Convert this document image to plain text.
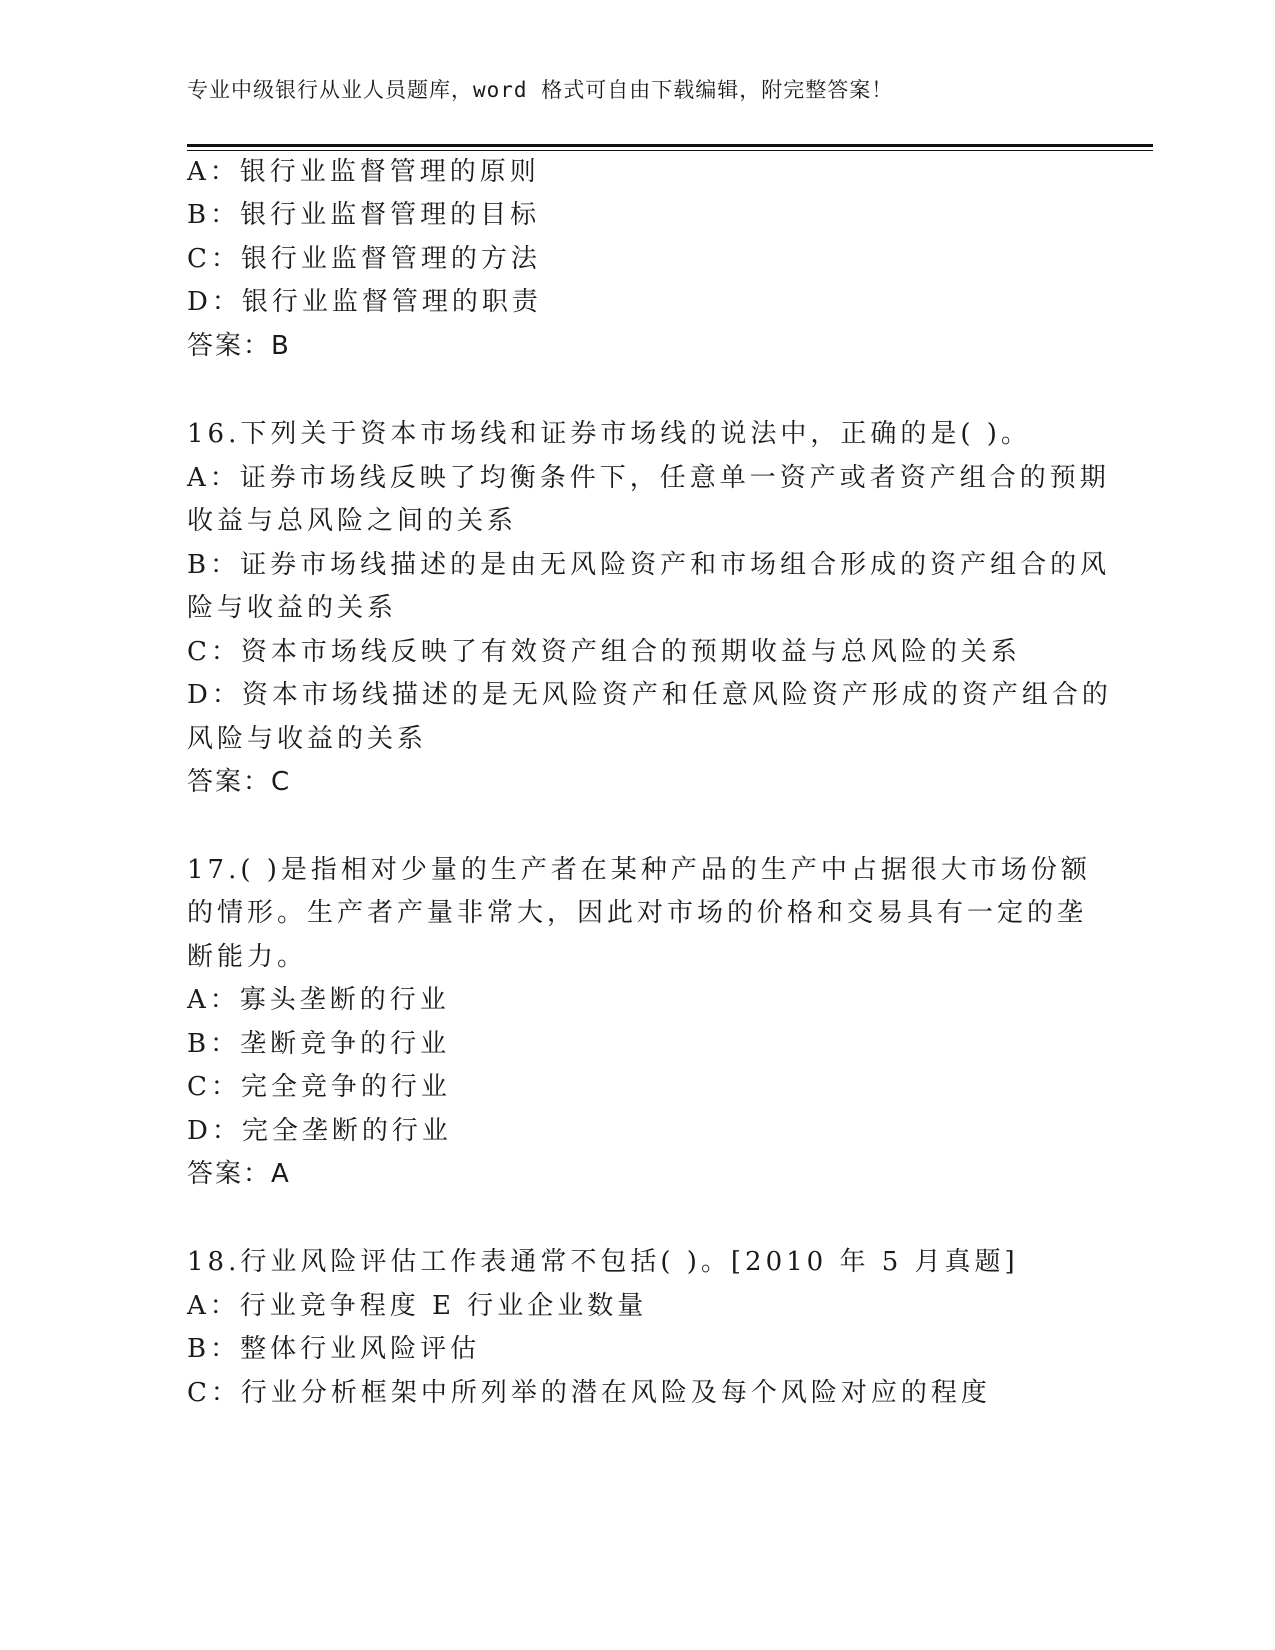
专业中级银行从业人员题库，word 格式可自由下载编辑，附完整答案！
A：银行业监督管理的原则
B：银行业监督管理的目标
C：银行业监督管理的方法
D：银行业监督管理的职责
答案：B
16.下列关于资本市场线和证券市场线的说法中，正确的是( )。
A：证券市场线反映了均衡条件下，任意单一资产或者资产组合的预期
收益与总风险之间的关系
B：证券市场线描述的是由无风险资产和市场组合形成的资产组合的风
险与收益的关系
C：资本市场线反映了有效资产组合的预期收益与总风险的关系
D：资本市场线描述的是无风险资产和任意风险资产形成的资产组合的
风险与收益的关系
答案：C
17.( )是指相对少量的生产者在某种产品的生产中占据很大市场份额
的情形。生产者产量非常大，因此对市场的价格和交易具有一定的垄
断能力。
A：寡头垄断的行业
B：垄断竞争的行业
C：完全竞争的行业
D：完全垄断的行业
答案：A
18.行业风险评估工作表通常不包括( )。[2010 年 5 月真题]
A：行业竞争程度 E 行业企业数量
B：整体行业风险评估
C：行业分析框架中所列举的潜在风险及每个风险对应的程度
